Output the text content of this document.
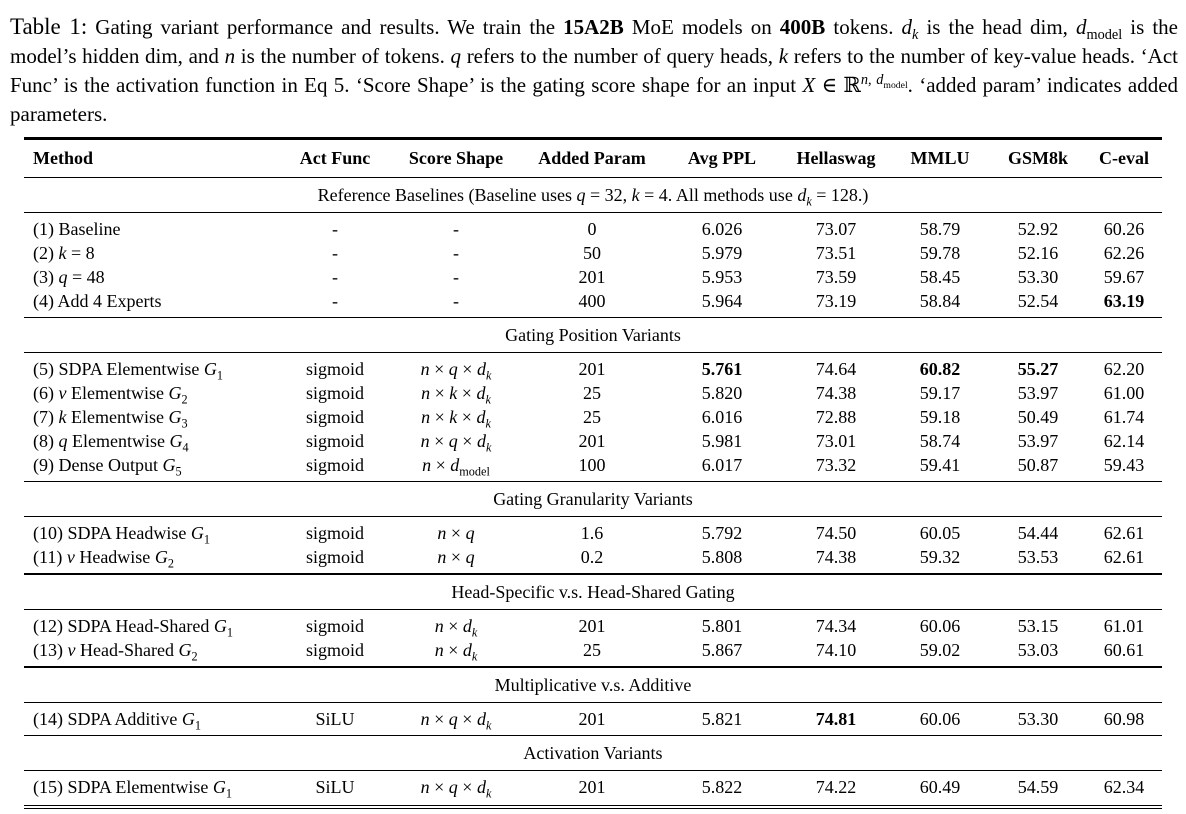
Table 1: Gating variant performance and results. We train the 15A2B MoE models on 400B tokens. $d_k$ is the head dim, $d_{model}$ is the model’s hidden dim, and n is the number of tokens. q refers to the number of query heads, k refers to the number of key-value heads. ‘Act Func’ is the activation function in Eq 5. ‘Score Shape’ is the gating score shape for an input X ∈ ℝ$^{n, d_{model}}$. ‘added param’ indicates added parameters.

Method	Act Func	Score Shape	Added Param	Avg PPL	Hellaswag	MMLU	GSM8k	C-eval
Reference Baselines (Baseline uses q = 32, k = 4. All methods use $d_k = 128$.)								
(1) Baseline	-	-	0	6.026	73.07	58.79	52.92	60.26
(2) k = 8	-	-	50	5.979	73.51	59.78	52.16	62.26
(3) q = 48	-	-	201	5.953	73.59	58.45	53.30	59.67
(4) Add 4 Experts	-	-	400	5.964	73.19	58.84	52.54	63.19
Gating Position Variants								
(5) SDPA Elementwise $G_1$	sigmoid	$n \times q \times d_k$	201	5.761	74.64	60.82	55.27	62.20
(6) v Elementwise $G_2$	sigmoid	$n \times k \times d_k$	25	5.820	74.38	59.17	53.97	61.00
(7) k Elementwise $G_3$	sigmoid	$n \times k \times d_k$	25	6.016	72.88	59.18	50.49	61.74
(8) q Elementwise $G_4$	sigmoid	$n \times q \times d_k$	201	5.981	73.01	58.74	53.97	62.14
(9) Dense Output $G_5$	sigmoid	$n \times d_{model}$	100	6.017	73.32	59.41	50.87	59.43
Gating Granularity Variants								
(10) SDPA Headwise $G_1$	sigmoid	n × q	1.6	5.792	74.50	60.05	54.44	62.61
(11) v Headwise $G_2$	sigmoid	n × q	0.2	5.808	74.38	59.32	53.53	62.61
Head-Specific v.s. Head-Shared Gating								
(12) SDPA Head-Shared $G_1$	sigmoid	$n \times d_k$	201	5.801	74.34	60.06	53.15	61.01
(13) v Head-Shared $G_2$	sigmoid	$n \times d_k$	25	5.867	74.10	59.02	53.03	60.61
Multiplicative v.s. Additive								
(14) SDPA Additive $G_1$	SiLU	$n \times q \times d_k$	201	5.821	74.81	60.06	53.30	60.98
Activation Variants								
(15) SDPA Elementwise $G_1$	SiLU	$n \times q \times d_k$	201	5.822	74.22	60.49	54.59	62.34
